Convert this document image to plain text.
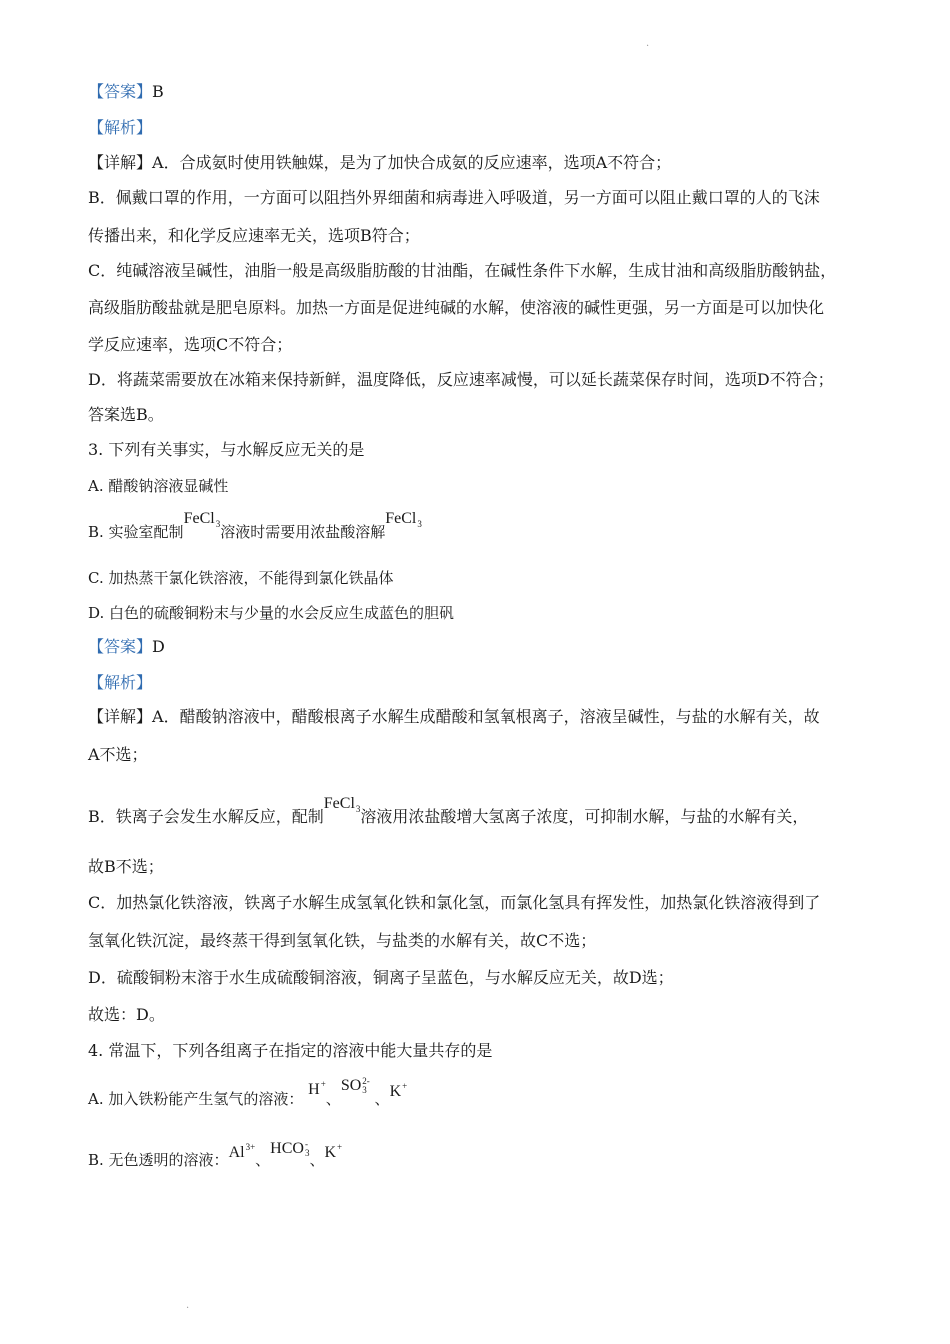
.
【答案】B
【解析】
【详解】A．合成氨时使用铁触媒，是为了加快合成氨的反应速率，选项A不符合；
B．佩戴口罩的作用，一方面可以阻挡外界细菌和病毒进入呼吸道，另一方面可以阻止戴口罩的人的飞沫
传播出来，和化学反应速率无关，选项B符合；
C．纯碱溶液呈碱性，油脂一般是高级脂肪酸的甘油酯，在碱性条件下水解，生成甘油和高级脂肪酸钠盐，
高级脂肪酸盐就是肥皂原料。加热一方面是促进纯碱的水解，使溶液的碱性更强，另一方面是可以加快化
学反应速率，选项C不符合；
D．将蔬菜需要放在冰箱来保持新鲜，温度降低，反应速率减慢，可以延长蔬菜保存时间，选项D不符合；
答案选B。
3. 下列有关事实，与水解反应无关的是
A. 醋酸钠溶液显碱性
B. 实验室配制FeCl$_3$溶液时需要用浓盐酸溶解FeCl$_3$
C. 加热蒸干氯化铁溶液，不能得到氯化铁晶体
D. 白色的硫酸铜粉末与少量的水会反应生成蓝色的胆矾
【答案】D
【解析】
【详解】A．醋酸钠溶液中，醋酸根离子水解生成醋酸和氢氧根离子，溶液呈碱性，与盐的水解有关，故
A不选；
B．铁离子会发生水解反应，配制FeCl$_3$溶液用浓盐酸增大氢离子浓度，可抑制水解，与盐的水解有关，
故B不选；
C．加热氯化铁溶液，铁离子水解生成氢氧化铁和氯化氢，而氯化氢具有挥发性，加热氯化铁溶液得到了
氢氧化铁沉淀，最终蒸干得到氢氧化铁，与盐类的水解有关，故C不选；
D．硫酸铜粉末溶于水生成硫酸铜溶液，铜离子呈蓝色，与水解反应无关，故D选；
故选：D。
4. 常温下，下列各组离子在指定的溶液中能大量共存的是
A. 加入铁粉能产生氢气的溶液： H+、SO 2-
3 、K+
B. 无色透明的溶液：$Al^{3+}$、HCO -
3 、K+
.
